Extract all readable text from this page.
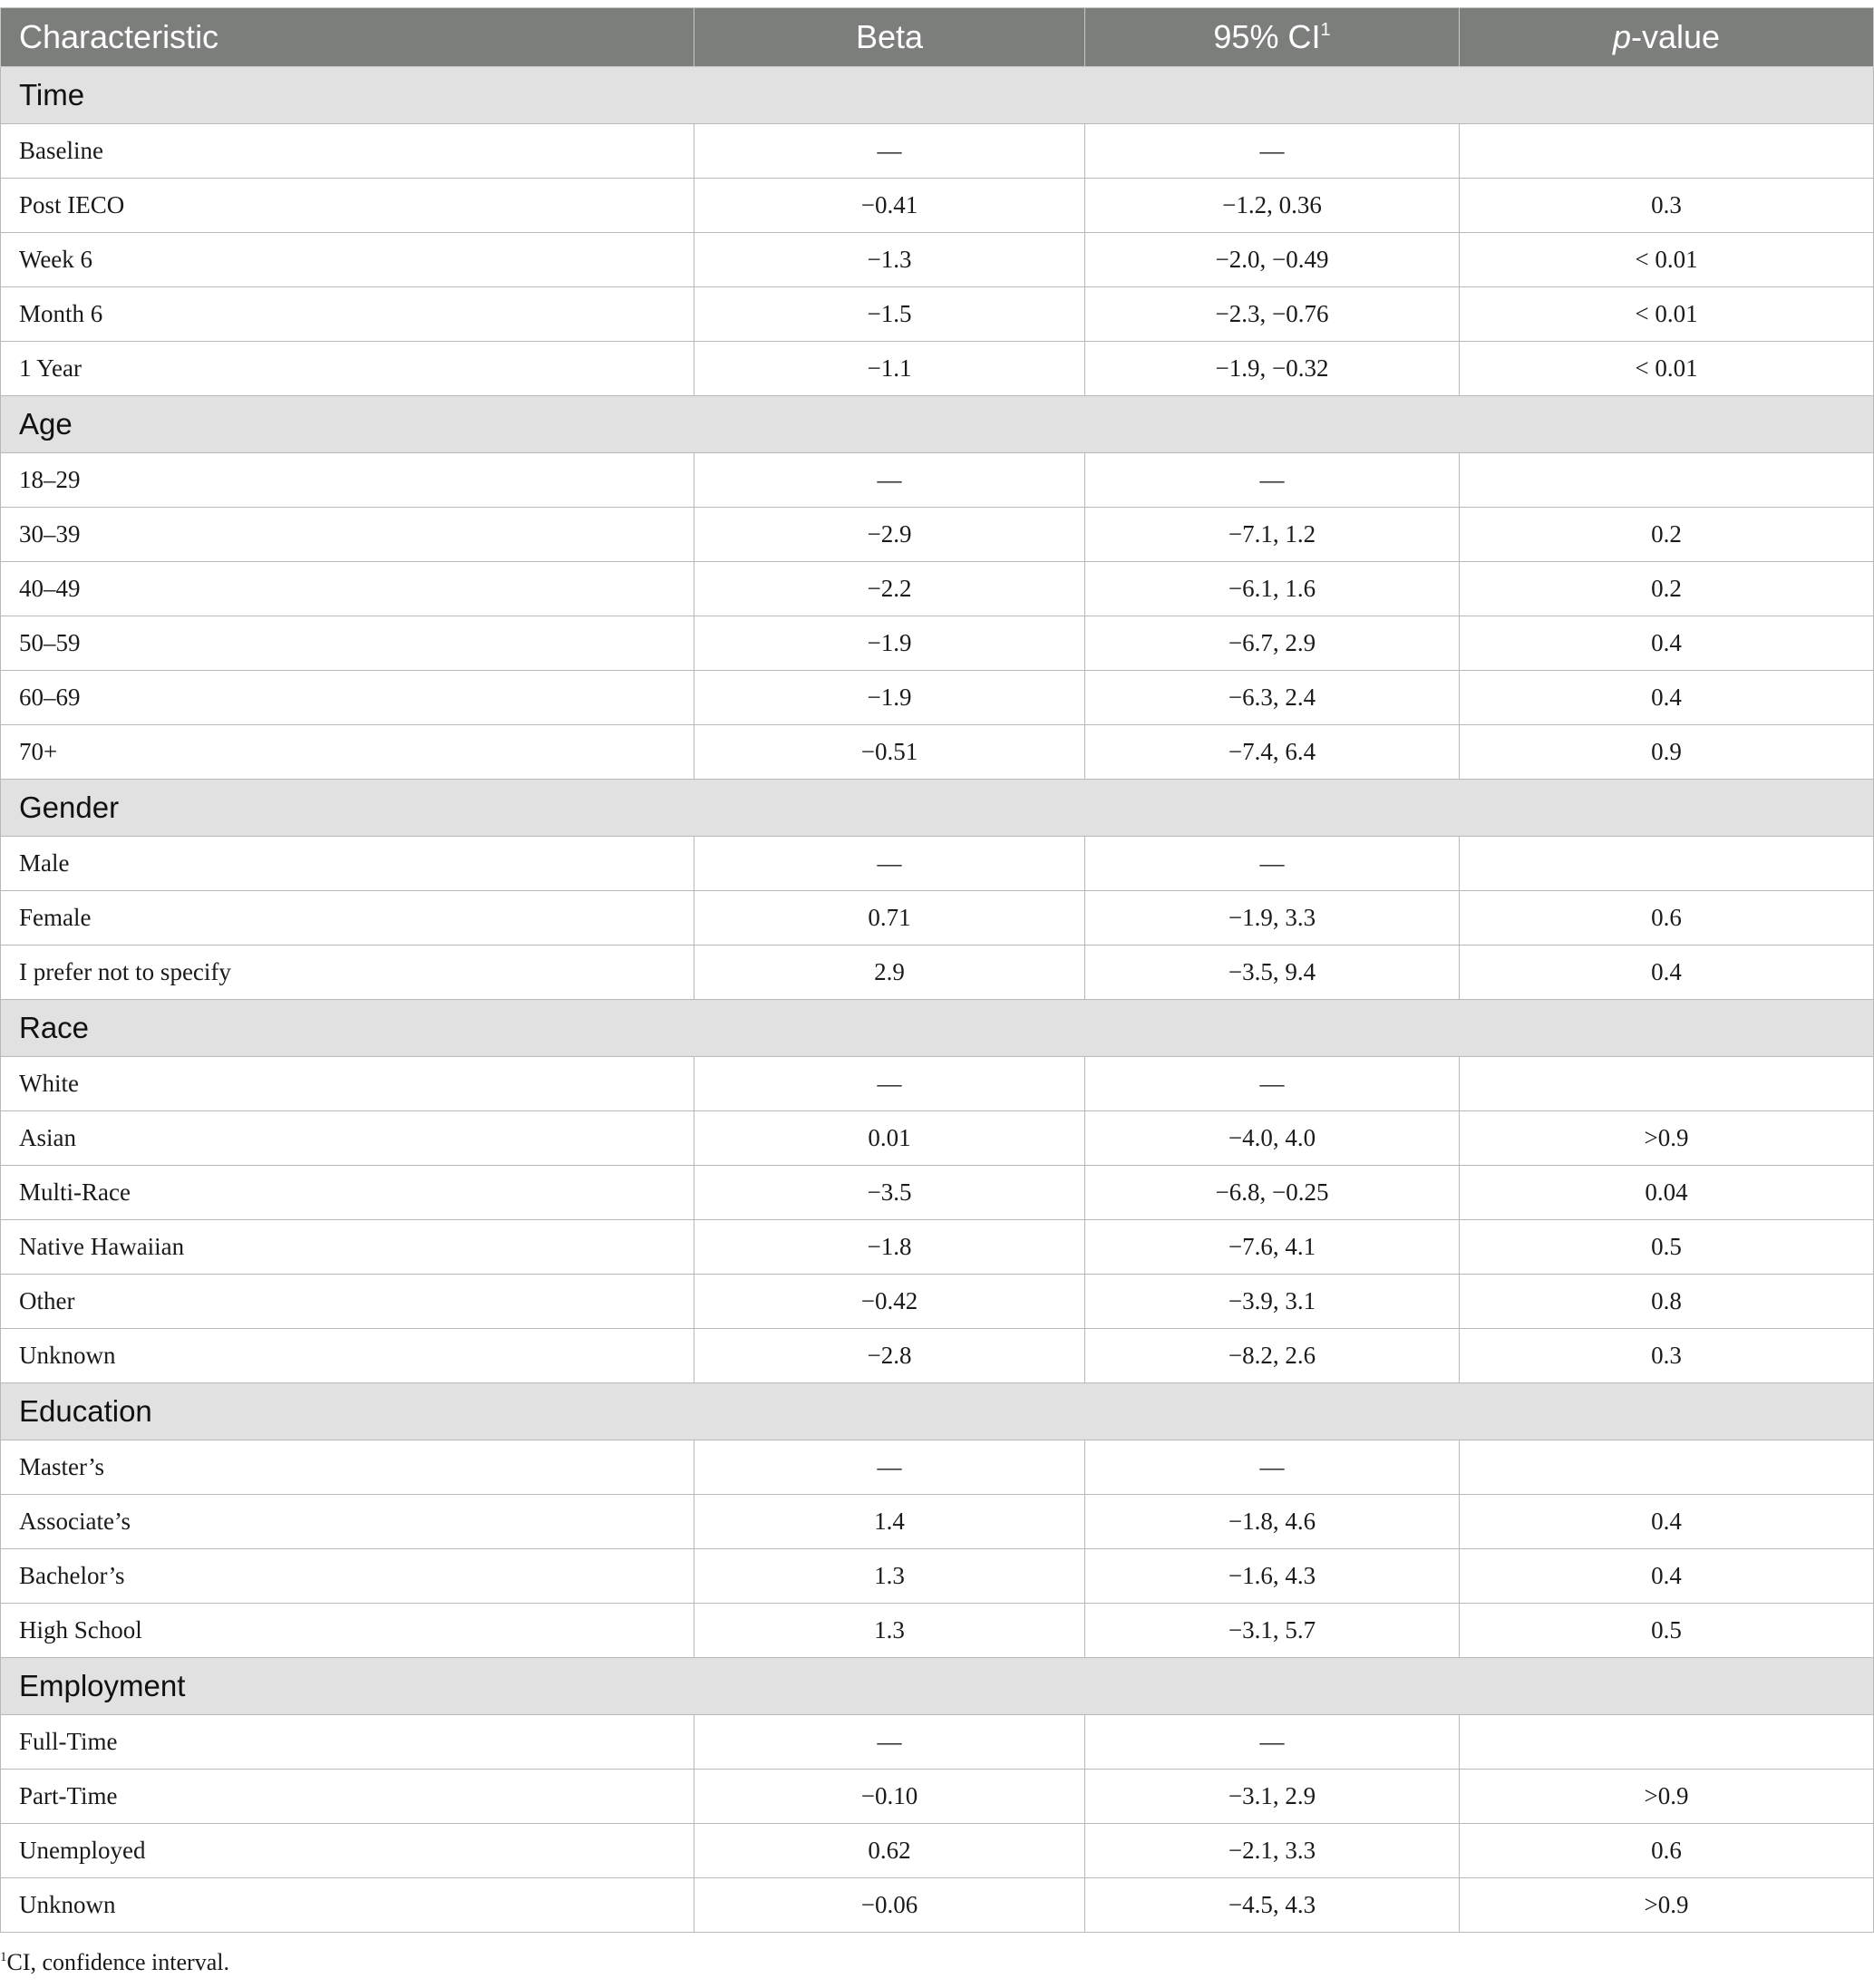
Characteristic	Beta	95% $CI^1$	p-value
Time			
Baseline	—	—	
Post IECO	−0.41	−1.2, 0.36	0.3
Week 6	−1.3	−2.0, −0.49	< 0.01
Month 6	−1.5	−2.3, −0.76	< 0.01
1 Year	−1.1	−1.9, −0.32	< 0.01
Age			
18–29	—	—	
30–39	−2.9	−7.1, 1.2	0.2
40–49	−2.2	−6.1, 1.6	0.2
50–59	−1.9	−6.7, 2.9	0.4
60–69	−1.9	−6.3, 2.4	0.4
70+	−0.51	−7.4, 6.4	0.9
Gender			
Male	—	—	
Female	0.71	−1.9, 3.3	0.6
I prefer not to specify	2.9	−3.5, 9.4	0.4
Race			
White	—	—	
Asian	0.01	−4.0, 4.0	>0.9
Multi-Race	−3.5	−6.8, −0.25	0.04
Native Hawaiian	−1.8	−7.6, 4.1	0.5
Other	−0.42	−3.9, 3.1	0.8
Unknown	−2.8	−8.2, 2.6	0.3
Education			
Master’s	—	—	
Associate’s	1.4	−1.8, 4.6	0.4
Bachelor’s	1.3	−1.6, 4.3	0.4
High School	1.3	−3.1, 5.7	0.5
Employment			
Full-Time	—	—	
Part-Time	−0.10	−3.1, 2.9	>0.9
Unemployed	0.62	−2.1, 3.3	0.6
Unknown	−0.06	−4.5, 4.3	>0.9
$^1$CI, confidence interval.
